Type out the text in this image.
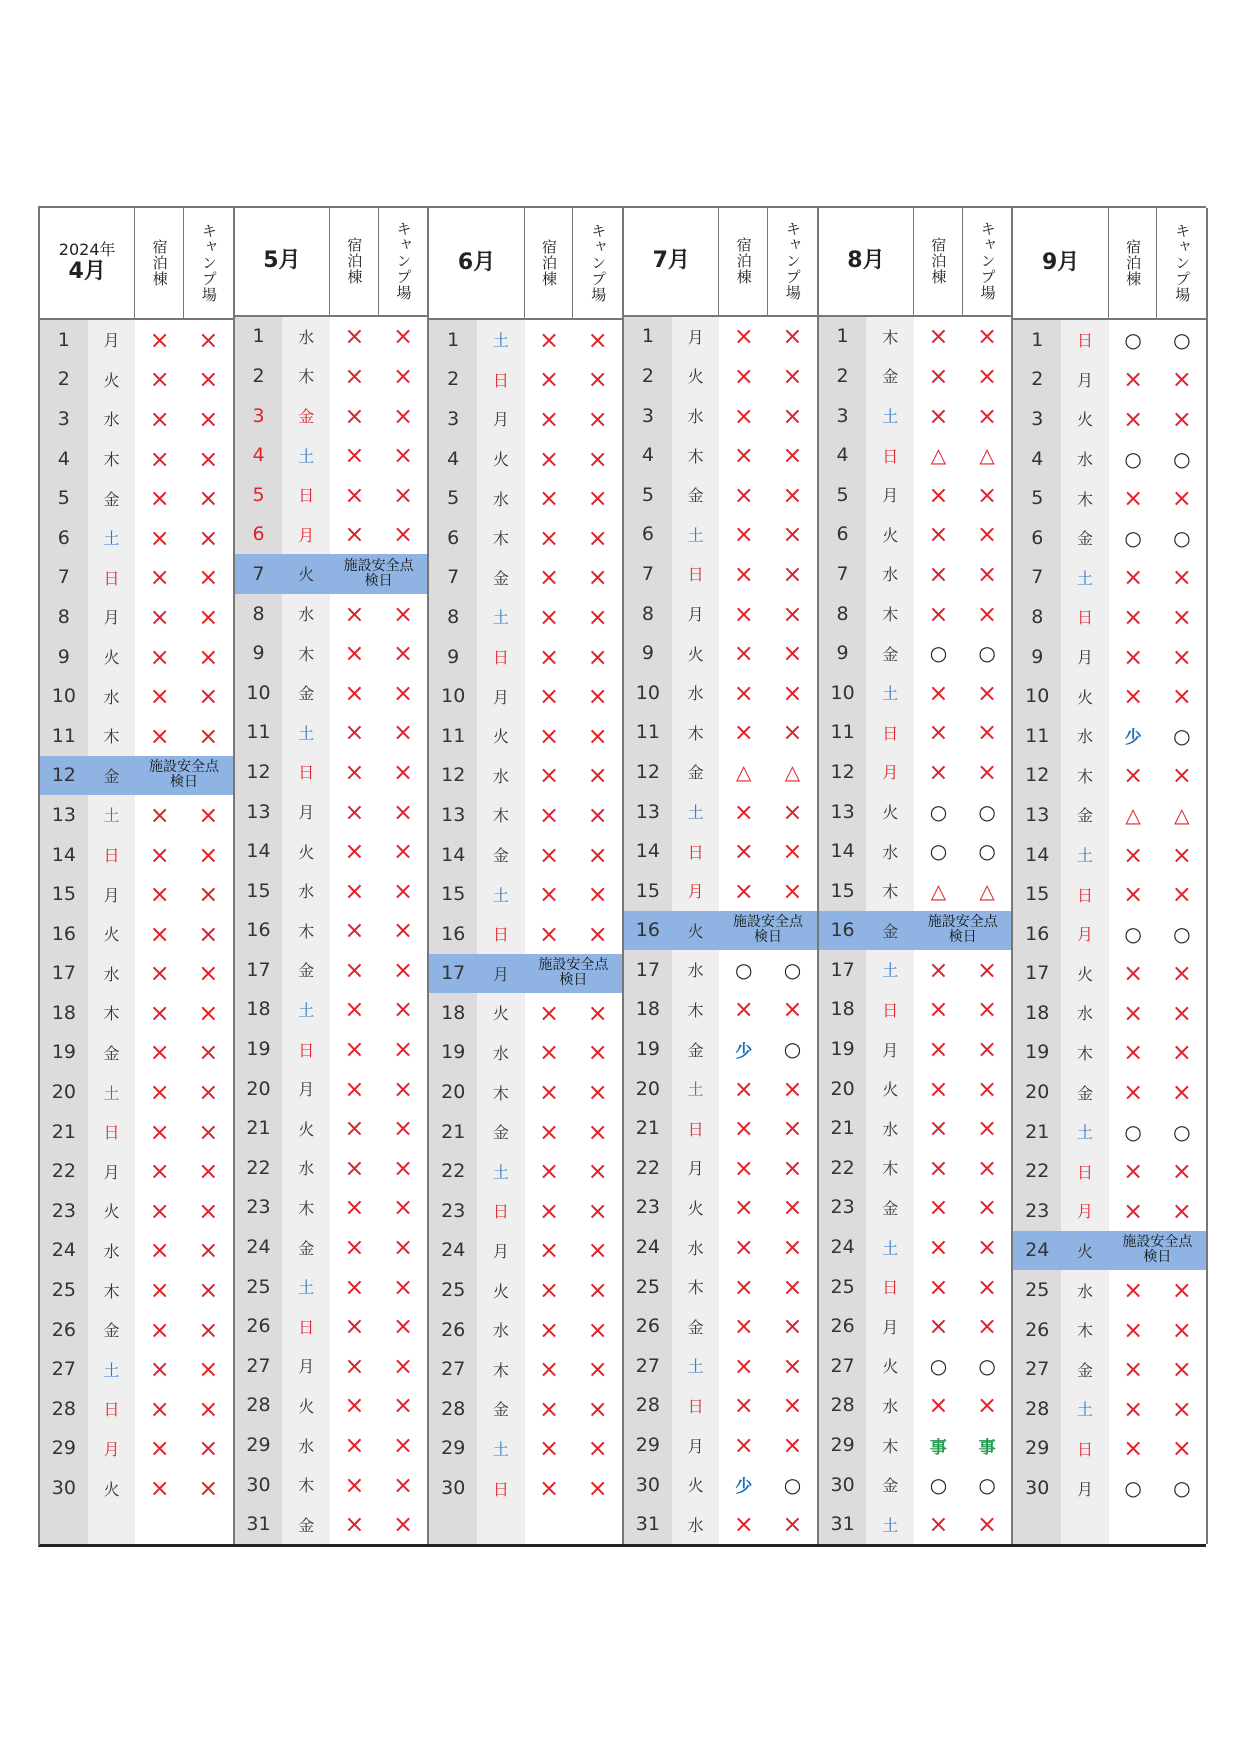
2024年
4月	宿泊棟 キャンプ場
1	月	×	×
2	火	×	×
3	水	×	×
4	木	×	×
5	金	×	×
6	土	×	×
7	日	×	×
8	月	×	×
9	火	×	×
10	水	×	×
11	木	×	×
12	金	施設安全点検日
13	土	×	×
14	日	×	×
15	月	×	×
16	火	×	×
17	水	×	×
18	木	×	×
19	金	×	×
20	土	×	×
21	日	×	×
22	月	×	×
23	火	×	×
24	水	×	×
25	木	×	×
26	金	×	×
27	土	×	×
28	日	×	×
29	月	×	×
30	火	×	×
5月	宿泊棟 キャンプ場
1	水	×	×
2	木	×	×
3	金	×	×
4	土	×	×
5	日	×	×
6	月	×	×
7	火	施設安全点検日
8	水	×	×
9	木	×	×
10	金	×	×
11	土	×	×
12	日	×	×
13	月	×	×
14	火	×	×
15	水	×	×
16	木	×	×
17	金	×	×
18	土	×	×
19	日	×	×
20	月	×	×
21	火	×	×
22	水	×	×
23	木	×	×
24	金	×	×
25	土	×	×
26	日	×	×
27	月	×	×
28	火	×	×
29	水	×	×
30	木	×	×
31	金	×	×
6月	宿泊棟 キャンプ場
1	土	×	×
2	日	×	×
3	月	×	×
4	火	×	×
5	水	×	×
6	木	×	×
7	金	×	×
8	土	×	×
9	日	×	×
10	月	×	×
11	火	×	×
12	水	×	×
13	木	×	×
14	金	×	×
15	土	×	×
16	日	×	×
17	月	施設安全点検日
18	火	×	×
19	水	×	×
20	木	×	×
21	金	×	×
22	土	×	×
23	日	×	×
24	月	×	×
25	火	×	×
26	水	×	×
27	木	×	×
28	金	×	×
29	土	×	×
30	日	×	×
7月	宿泊棟 キャンプ場
1	月	×	×
2	火	×	×
3	水	×	×
4	木	×	×
5	金	×	×
6	土	×	×
7	日	×	×
8	月	×	×
9	火	×	×
10	水	×	×
11	木	×	×
12	金	△	△
13	土	×	×
14	日	×	×
15	月	×	×
16	火	施設安全点検日
17	水	○	○
18	木	×	×
19	金	少	○
20	土	×	×
21	日	×	×
22	月	×	×
23	火	×	×
24	水	×	×
25	木	×	×
26	金	×	×
27	土	×	×
28	日	×	×
29	月	×	×
30	火	少	○
31	水	×	×
8月	宿泊棟 キャンプ場
1	木	×	×
2	金	×	×
3	土	×	×
4	日	△	△
5	月	×	×
6	火	×	×
7	水	×	×
8	木	×	×
9	金	○	○
10	土	×	×
11	日	×	×
12	月	×	×
13	火	○	○
14	水	○	○
15	木	△	△
16	金	施設安全点検日
17	土	×	×
18	日	×	×
19	月	×	×
20	火	×	×
21	水	×	×
22	木	×	×
23	金	×	×
24	土	×	×
25	日	×	×
26	月	×	×
27	火	○	○
28	水	×	×
29	木	事	事
30	金	○	○
31	土	×	×
9月	宿泊棟 キャンプ場
1	日	○	○
2	月	×	×
3	火	×	×
4	水	○	○
5	木	×	×
6	金	○	○
7	土	×	×
8	日	×	×
9	月	×	×
10	火	×	×
11	水	少	○
12	木	×	×
13	金	△	△
14	土	×	×
15	日	×	×
16	月	○	○
17	火	×	×
18	水	×	×
19	木	×	×
20	金	×	×
21	土	○	○
22	日	×	×
23	月	×	×
24	火	施設安全点検日
25	水	×	×
26	木	×	×
27	金	×	×
28	土	×	×
29	日	×	×
30	月	○	○
